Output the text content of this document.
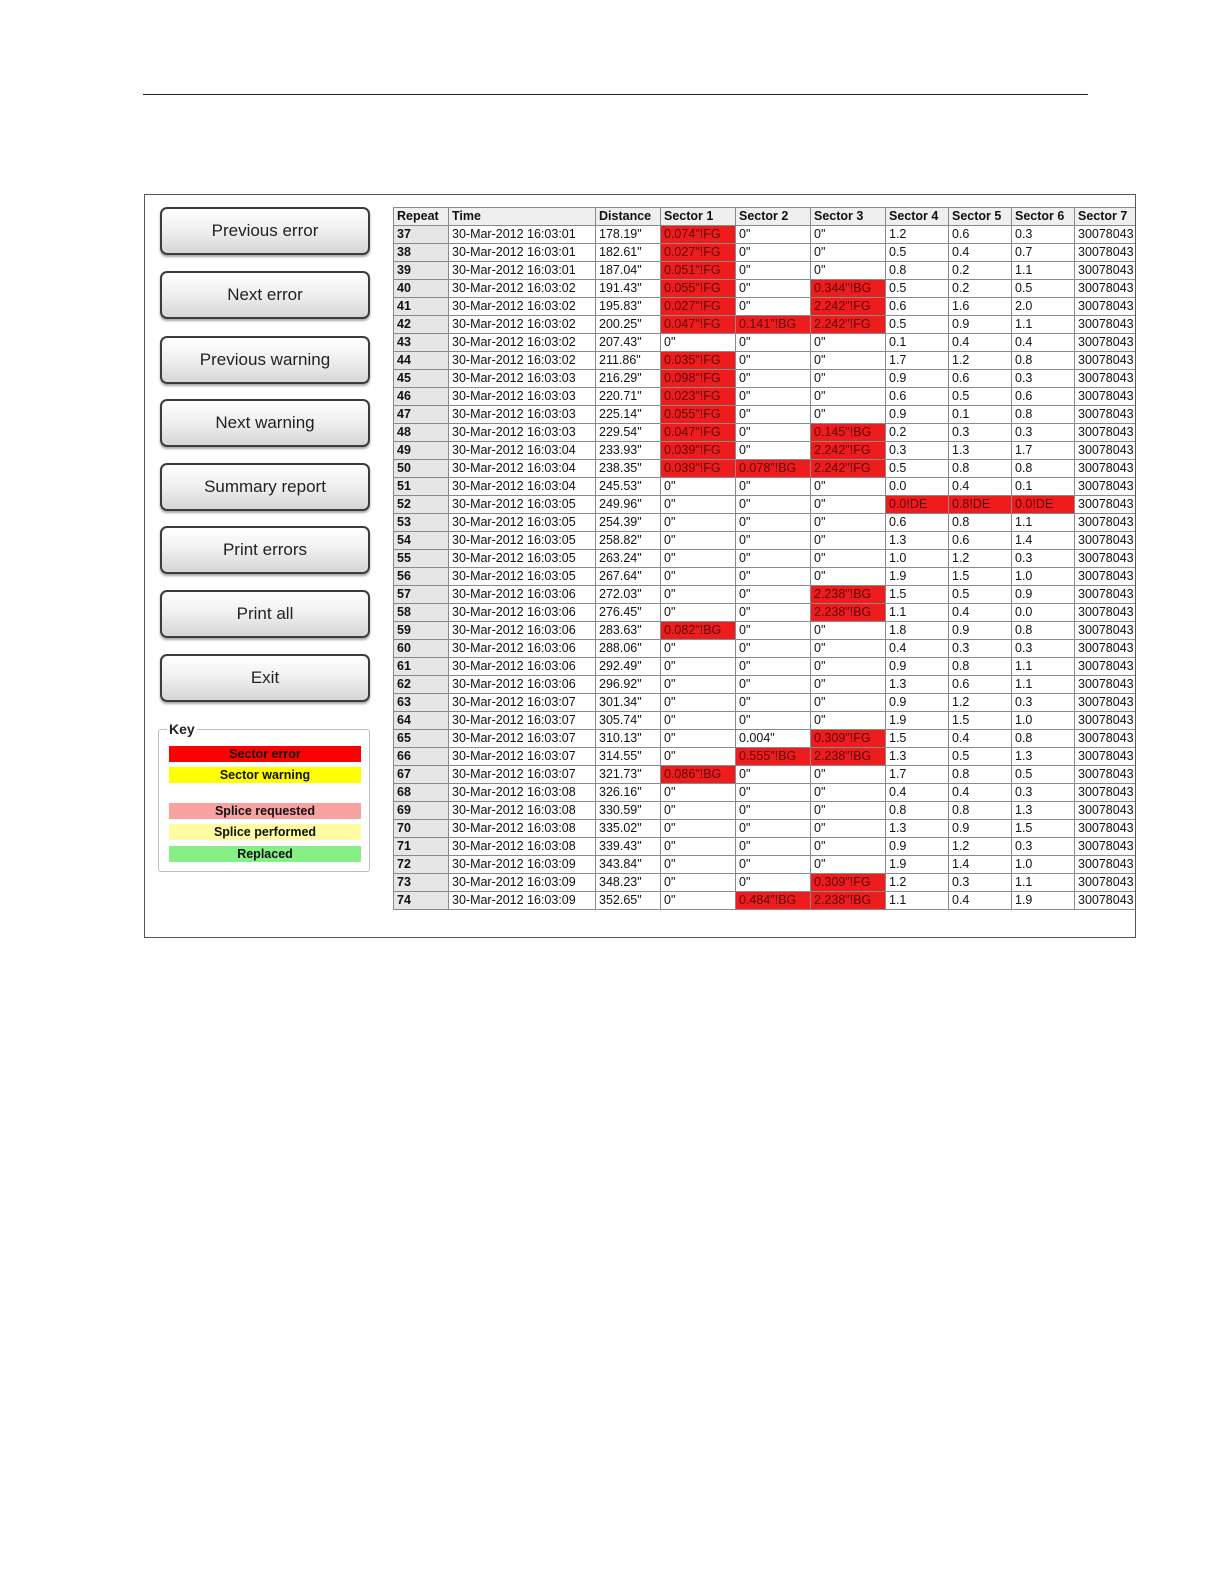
Previous error
Next error
Previous warning
Next warning
Summary report
Print errors
Print all
Exit
Key
Sector error
Sector warning
Splice requested
Splice performed
Replaced
Repeat	Time	Distance	Sector 1	Sector 2	Sector 3	Sector 4	Sector 5	Sector 6	Sector 7
37	30-Mar-2012 16:03:01	178.19"	0.074"!FG	0"	0"	1.2	0.6	0.3	30078043
38	30-Mar-2012 16:03:01	182.61"	0.027"!FG	0"	0"	0.5	0.4	0.7	30078043
39	30-Mar-2012 16:03:01	187.04"	0.051"!FG	0"	0"	0.8	0.2	1.1	30078043
40	30-Mar-2012 16:03:02	191.43"	0.055"!FG	0"	0.344"!BG	0.5	0.2	0.5	30078043
41	30-Mar-2012 16:03:02	195.83"	0.027"!FG	0"	2.242"!FG	0.6	1.6	2.0	30078043
42	30-Mar-2012 16:03:02	200.25"	0.047"!FG	0.141"!BG	2.242"!FG	0.5	0.9	1.1	30078043
43	30-Mar-2012 16:03:02	207.43"	0"	0"	0"	0.1	0.4	0.4	30078043
44	30-Mar-2012 16:03:02	211.86"	0.035"!FG	0"	0"	1.7	1.2	0.8	30078043
45	30-Mar-2012 16:03:03	216.29"	0.098"!FG	0"	0"	0.9	0.6	0.3	30078043
46	30-Mar-2012 16:03:03	220.71"	0.023"!FG	0"	0"	0.6	0.5	0.6	30078043
47	30-Mar-2012 16:03:03	225.14"	0.055"!FG	0"	0"	0.9	0.1	0.8	30078043
48	30-Mar-2012 16:03:03	229.54"	0.047"!FG	0"	0.145"!BG	0.2	0.3	0.3	30078043
49	30-Mar-2012 16:03:04	233.93"	0.039"!FG	0"	2.242"!FG	0.3	1.3	1.7	30078043
50	30-Mar-2012 16:03:04	238.35"	0.039"!FG	0.078"!BG	2.242"!FG	0.5	0.8	0.8	30078043
51	30-Mar-2012 16:03:04	245.53"	0"	0"	0"	0.0	0.4	0.1	30078043
52	30-Mar-2012 16:03:05	249.96"	0"	0"	0"	0.0!DE	0.8!DE	0.0!DE	30078043
53	30-Mar-2012 16:03:05	254.39"	0"	0"	0"	0.6	0.8	1.1	30078043
54	30-Mar-2012 16:03:05	258.82"	0"	0"	0"	1.3	0.6	1.4	30078043
55	30-Mar-2012 16:03:05	263.24"	0"	0"	0"	1.0	1.2	0.3	30078043
56	30-Mar-2012 16:03:05	267.64"	0"	0"	0"	1.9	1.5	1.0	30078043
57	30-Mar-2012 16:03:06	272.03"	0"	0"	2.238"!BG	1.5	0.5	0.9	30078043
58	30-Mar-2012 16:03:06	276.45"	0"	0"	2.238"!BG	1.1	0.4	0.0	30078043
59	30-Mar-2012 16:03:06	283.63"	0.082"!BG	0"	0"	1.8	0.9	0.8	30078043
60	30-Mar-2012 16:03:06	288.06"	0"	0"	0"	0.4	0.3	0.3	30078043
61	30-Mar-2012 16:03:06	292.49"	0"	0"	0"	0.9	0.8	1.1	30078043
62	30-Mar-2012 16:03:06	296.92"	0"	0"	0"	1.3	0.6	1.1	30078043
63	30-Mar-2012 16:03:07	301.34"	0"	0"	0"	0.9	1.2	0.3	30078043
64	30-Mar-2012 16:03:07	305.74"	0"	0"	0"	1.9	1.5	1.0	30078043
65	30-Mar-2012 16:03:07	310.13"	0"	0.004"	0.309"!FG	1.5	0.4	0.8	30078043
66	30-Mar-2012 16:03:07	314.55"	0"	0.555"!BG	2.238"!BG	1.3	0.5	1.3	30078043
67	30-Mar-2012 16:03:07	321.73"	0.086"!BG	0"	0"	1.7	0.8	0.5	30078043
68	30-Mar-2012 16:03:08	326.16"	0"	0"	0"	0.4	0.4	0.3	30078043
69	30-Mar-2012 16:03:08	330.59"	0"	0"	0"	0.8	0.8	1.3	30078043
70	30-Mar-2012 16:03:08	335.02"	0"	0"	0"	1.3	0.9	1.5	30078043
71	30-Mar-2012 16:03:08	339.43"	0"	0"	0"	0.9	1.2	0.3	30078043
72	30-Mar-2012 16:03:09	343.84"	0"	0"	0"	1.9	1.4	1.0	30078043
73	30-Mar-2012 16:03:09	348.23"	0"	0"	0.309"!FG	1.2	0.3	1.1	30078043
74	30-Mar-2012 16:03:09	352.65"	0"	0.484"!BG	2.238"!BG	1.1	0.4	1.9	30078043
